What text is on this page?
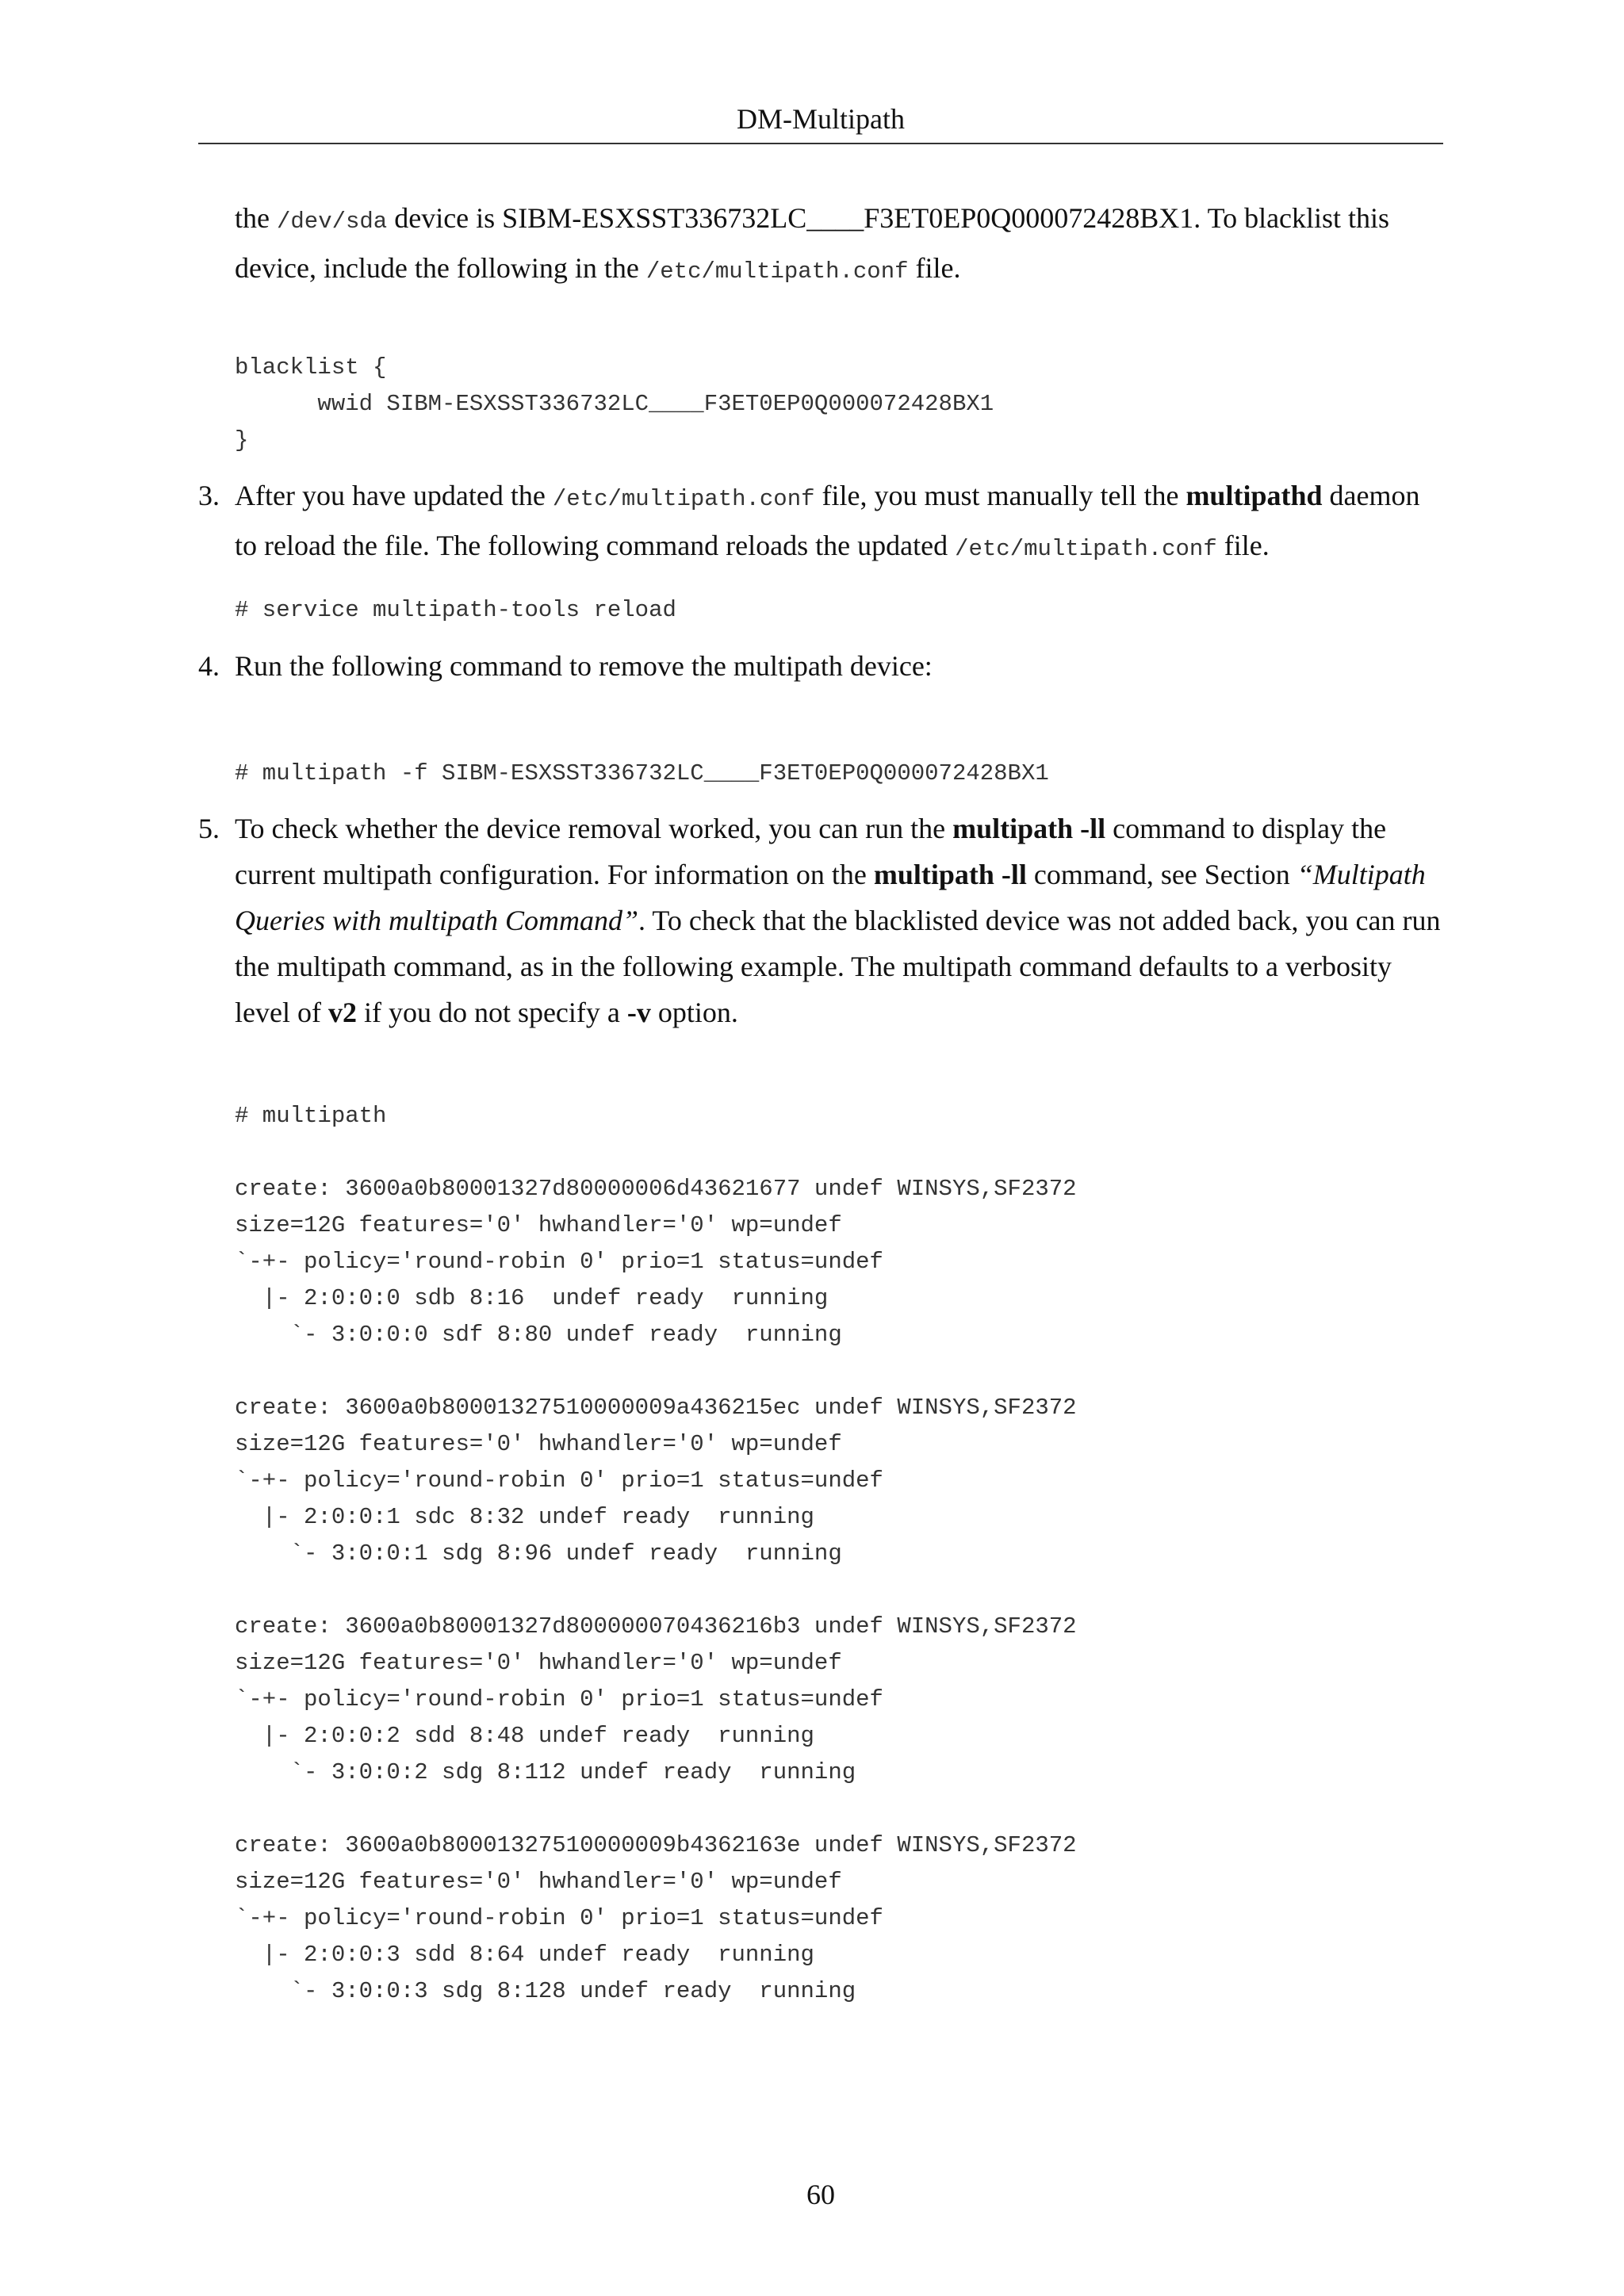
DM-Multipath
the /dev/sda device is SIBM-ESXSST336732LC____F3ET0EP0Q000072428BX1. To blacklist this device, include the following in the /etc/multipath.conf file.
blacklist {
wwid SIBM-ESXSST336732LC____F3ET0EP0Q000072428BX1
}
3. After you have updated the /etc/multipath.conf file, you must manually tell the multipathd daemon to reload the file. The following command reloads the updated /etc/multipath.conf file.
# service multipath-tools reload
4. Run the following command to remove the multipath device:
# multipath -f SIBM-ESXSST336732LC____F3ET0EP0Q000072428BX1
5. To check whether the device removal worked, you can run the multipath -ll command to display the current multipath configuration. For information on the multipath -ll command, see Section “Multipath Queries with multipath Command”. To check that the blacklisted device was not added back, you can run the multipath command, as in the following example. The multipath command defaults to a verbosity level of v2 if you do not specify a -v option.
# multipath
create: 3600a0b80001327d80000006d43621677 undef WINSYS,SF2372
size=12G features='0' hwhandler='0' wp=undef
`-+- policy='round-robin 0' prio=1 status=undef
|- 2:0:0:0 sdb 8:16  undef ready  running
`- 3:0:0:0 sdf 8:80 undef ready  running
create: 3600a0b80001327510000009a436215ec undef WINSYS,SF2372
size=12G features='0' hwhandler='0' wp=undef
`-+- policy='round-robin 0' prio=1 status=undef
|- 2:0:0:1 sdc 8:32 undef ready  running
`- 3:0:0:1 sdg 8:96 undef ready  running
create: 3600a0b80001327d800000070436216b3 undef WINSYS,SF2372
size=12G features='0' hwhandler='0' wp=undef
`-+- policy='round-robin 0' prio=1 status=undef
|- 2:0:0:2 sdd 8:48 undef ready  running
`- 3:0:0:2 sdg 8:112 undef ready  running
create: 3600a0b80001327510000009b4362163e undef WINSYS,SF2372
size=12G features='0' hwhandler='0' wp=undef
`-+- policy='round-robin 0' prio=1 status=undef
|- 2:0:0:3 sdd 8:64 undef ready  running
`- 3:0:0:3 sdg 8:128 undef ready  running
60
